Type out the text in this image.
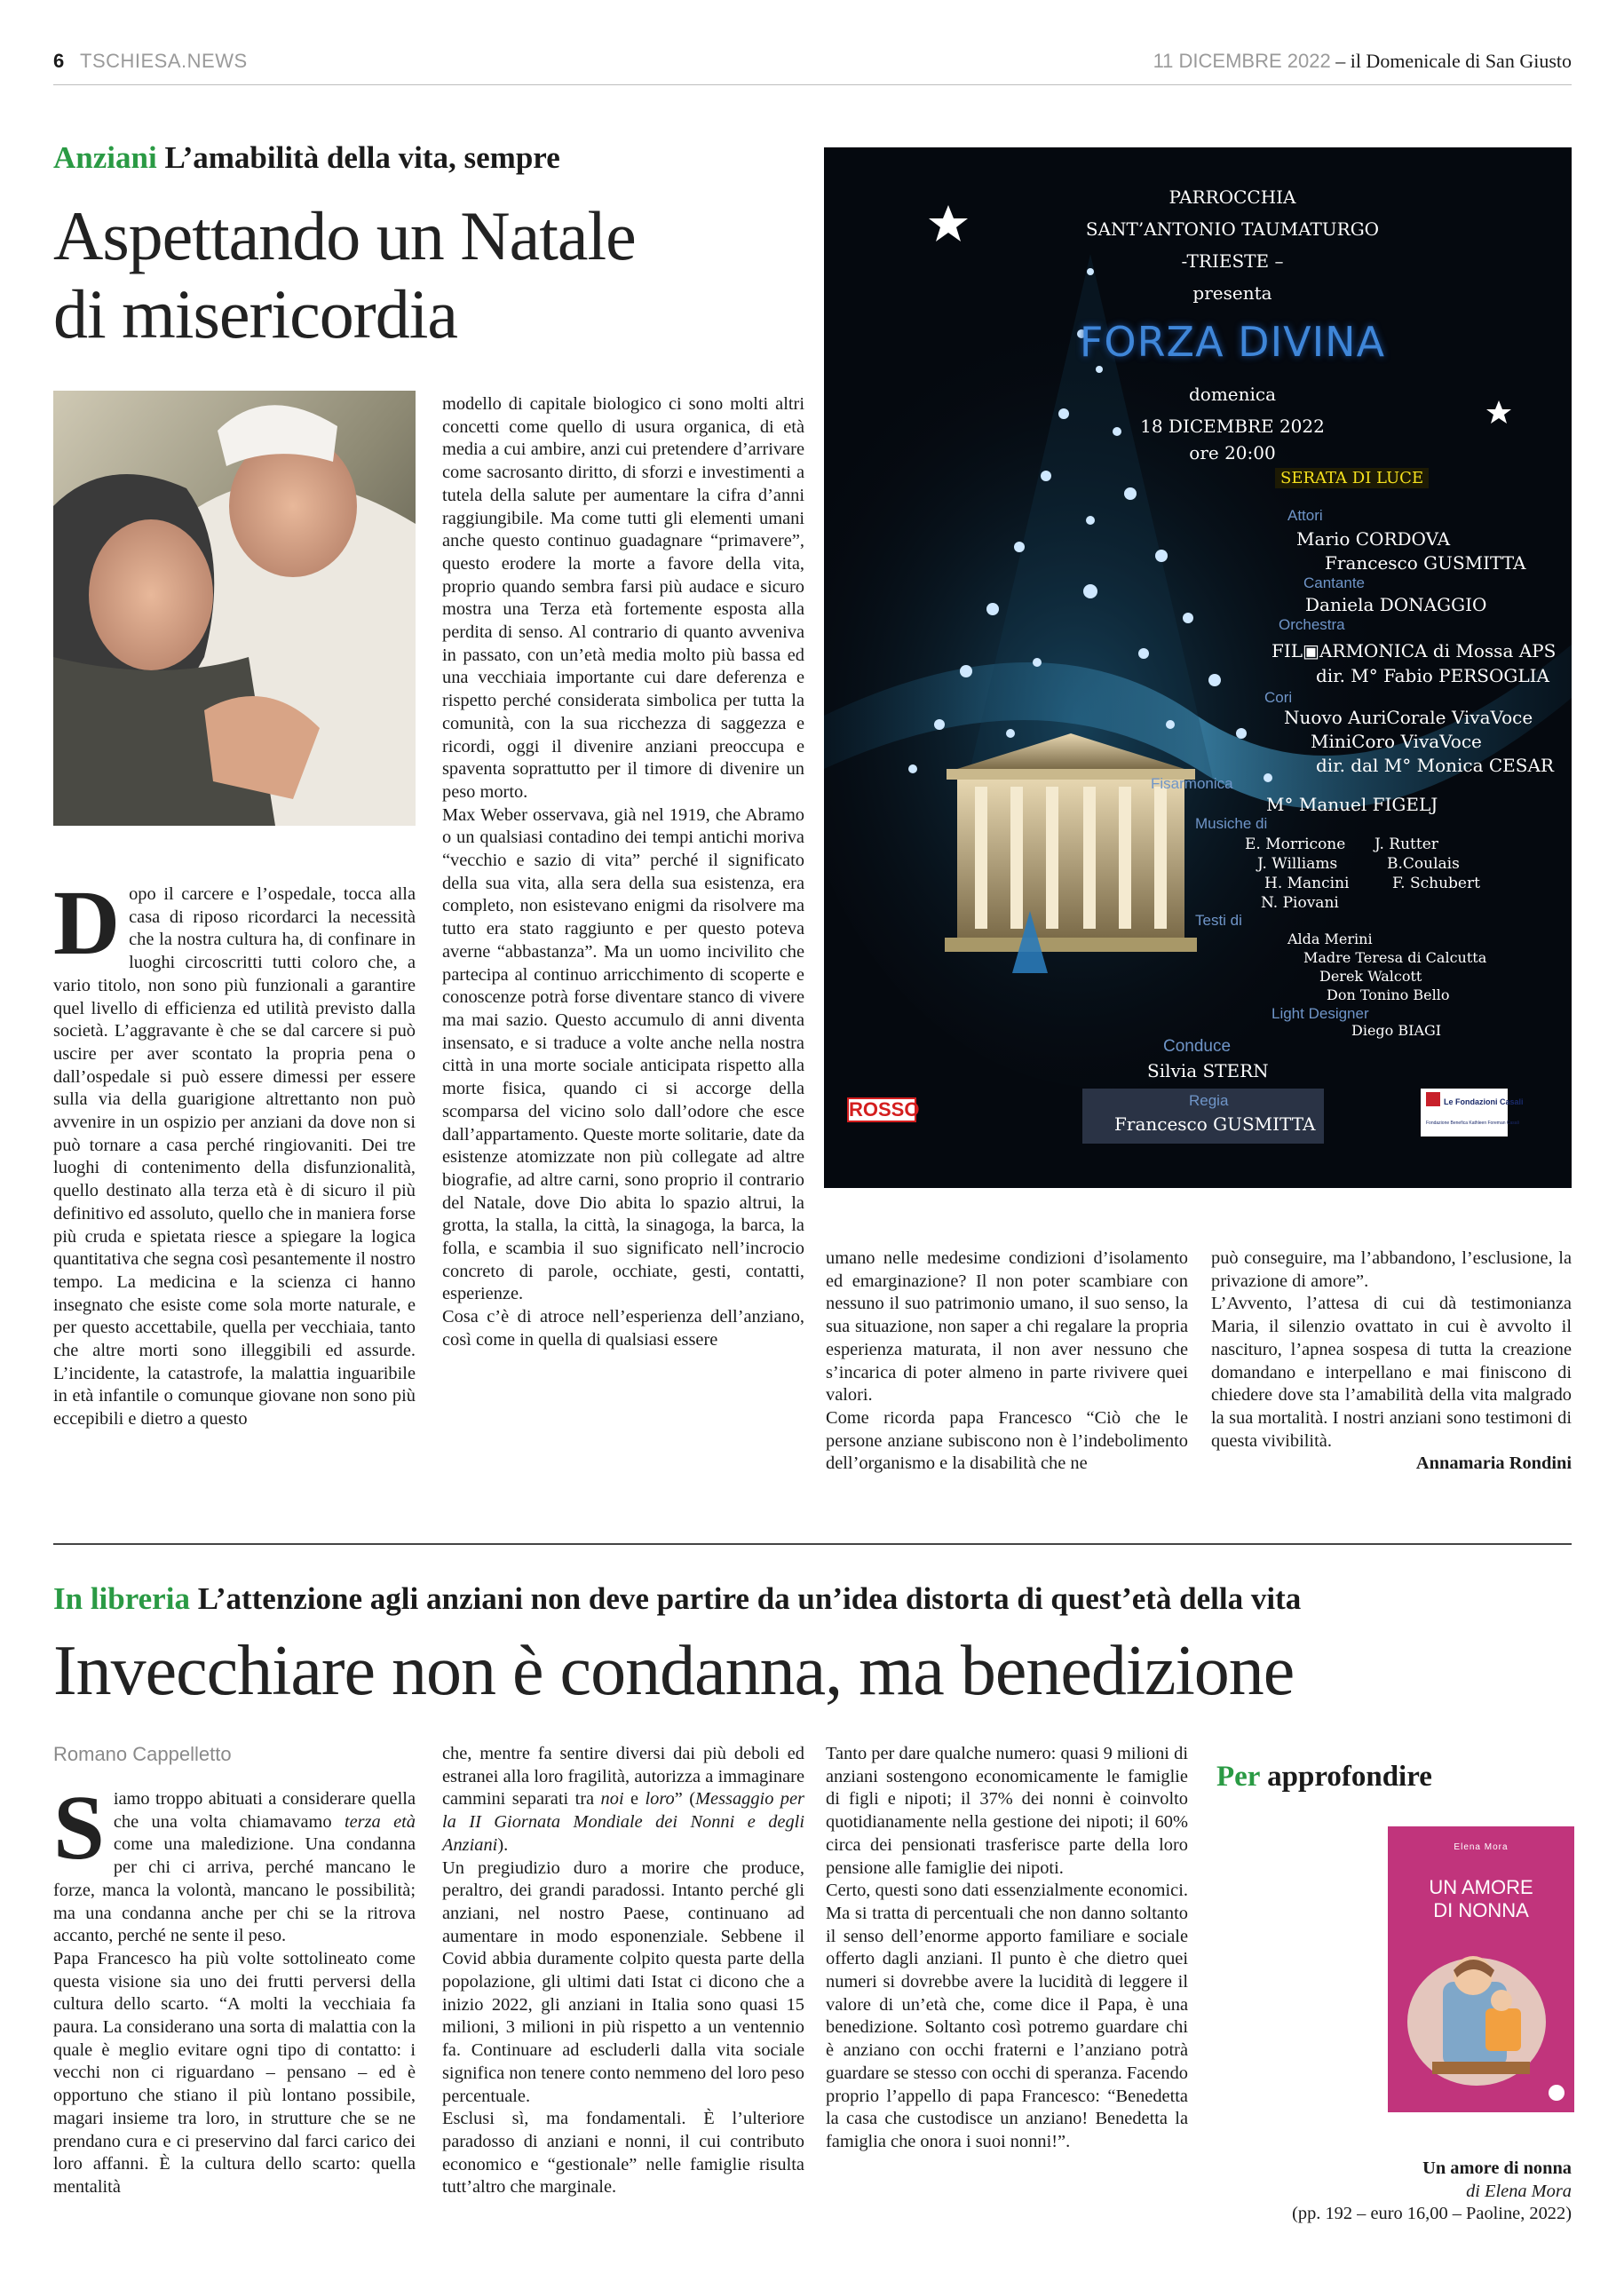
6 TSCHIESA.NEWS	11 DICEMBRE 2022 – il Domenicale di San Giusto
Anziani L’amabilità della vita, sempre
Aspettando un Natale
di misericordia
D opo il carcere e l’ospedale, tocca alla casa di riposo ricordarci la necessità che la nostra cultura ha, di confinare in luoghi circoscritti tutti coloro che, a vario titolo, non sono più funzionali a garantire quel livello di efficienza ed utilità previsto dalla società. L’aggravante è che se dal carcere si può uscire per aver scontato la propria pena o dall’ospedale si può essere dimessi per essere sulla via della guarigione altrettanto non può avvenire in un ospizio per anziani da dove non si può tornare a casa perché ringiovaniti. Dei tre luoghi di contenimento della disfunzionalità, quello destinato alla terza età è di sicuro il più definitivo ed assoluto, quello che in maniera forse più cruda e spietata riesce a spiegare la logica quantitativa che segna così pesantemente il nostro tempo. La medicina e la scienza ci hanno insegnato che esiste come sola morte naturale, e per questo accettabile, quella per vecchiaia, tanto che altre morti sono illeggibili ed assurde. L’incidente, la catastrofe, la malattia inguaribile in età infantile o comunque giovane non sono più eccepibili e dietro a questo

modello di capitale biologico ci sono molti altri concetti come quello di usura organica, di età media a cui ambire, anzi cui pretendere d’arrivare come sacrosanto diritto, di sforzi e investimenti a tutela della salute per aumentare la cifra d’anni raggiungibile. Ma come tutti gli elementi umani anche questo continuo guadagnare “primavere”, questo erodere la morte a favore della vita, proprio quando sembra farsi più audace e sicuro mostra una Terza età fortemente esposta alla perdita di senso. Al contrario di quanto avveniva in passato, con un’età media molto più bassa ed una vecchiaia importante cui dare deferenza e rispetto perché considerata simbolica per tutta la comunità, con la sua ricchezza di saggezza e ricordi, oggi il divenire anziani preoccupa e spaventa soprattutto per il timore di divenire un peso morto.

Max Weber osservava, già nel 1919, che Abramo o un qualsiasi contadino dei tempi antichi moriva “vecchio e sazio di vita” perché il significato della sua vita, alla sera della sua esistenza, era completo, non esistevano enigmi da risolvere ma tutto era stato raggiunto e per questo poteva averne “abbastanza”. Ma un uomo incivilito che partecipa al continuo arricchimento di scoperte e conoscenze potrà forse diventare stanco di vivere ma mai sazio. Questo accumulo di anni diventa insensato, e si traduce a volte anche nella nostra città in una morte sociale anticipata rispetto alla morte fisica, quando ci si accorge della scomparsa del vicino solo dall’odore che esce dall’appartamento. Queste morte solitarie, date da esistenze atomizzate non più collegate ad altre biografie, ad altre carni, sono proprio il contrario del Natale, dove Dio abita lo spazio altrui, la grotta, la stalla, la città, la sinagoga, la barca, la folla, e scambia il suo significato nell’incrocio concreto di parole, occhiate, gesti, contatti, esperienze.

Cosa c’è di atroce nell’esperienza dell’anziano, così come in quella di qualsiasi essere

umano nelle medesime condizioni d’isolamento ed emarginazione? Il non poter scambiare con nessuno il suo patrimonio umano, il suo senso, la sua situazione, non saper a chi regalare la propria esperienza maturata, il non aver nessuno che s’incarica di poter almeno in parte rivivere quei valori.

Come ricorda papa Francesco “Ciò che le persone anziane subiscono non è l’indebolimento dell’organismo e la disabilità che ne

può conseguire, ma l’abbandono, l’esclusione, la privazione di amore”.

L’Avvento, l’attesa di cui dà testimonianza Maria, il silenzio ovattato in cui è avvolto il nascituro, l’apnea sospesa di tutta la creazione domandano e interpellano e mai finiscono di chiedere dove sta l’amabilità della vita malgrado la sua mortalità. I nostri anziani sono testimoni di questa vivibilità.

Annamaria Rondini

PARROCCHIA
SANT’ANTONIO TAUMATURGO
-TRIESTE –
presenta
FORZA DIVINA
domenica
18 DICEMBRE 2022
ore 20:00
SERATA DI LUCE
Attori
Mario CORDOVA
Francesco GUSMITTA
Cantante
Daniela DONAGGIO
Orchestra
FIL▣ARMONICA di Mossa APS
dir. M° Fabio PERSOGLIA
Cori
Nuovo AuriCorale VivaVoce
MiniCoro VivaVoce
dir. dal M° Monica CESAR
Fisarmonica
M° Manuel FIGELJ
Musiche di
E. Morricone J. Rutter
J. Williams	B.Coulais
H. Mancini	F. Schubert
N. Piovani
Testi di
Alda Merini
Madre Teresa di Calcutta
Derek Walcott
Don Tonino Bello
Light Designer
Diego BIAGI
Conduce
Silvia STERN
ROSSO	Regia
Francesco GUSMITTA
Le Fondazioni Casali
Fondazione Benefica Kathleen Foreman Casali
In libreria L’attenzione agli anziani non deve partire da un’idea distorta di quest’età della vita
Invecchiare non è condanna, ma benedizione
Romano Cappelletto

Siamo troppo abituati a considerare quella che una volta chiamavamo terza età come una maledizione. Una condanna per chi ci arriva, perché mancano le forze, manca la volontà, mancano le possibilità; ma una condanna anche per chi se la ritrova accanto, perché ne sente il peso.

Papa Francesco ha più volte sottolineato come questa visione sia uno dei frutti perversi della cultura dello scarto. “A molti la vecchiaia fa paura. La considerano una sorta di malattia con la quale è meglio evitare ogni tipo di contatto: i vecchi non ci riguardano – pensano – ed è opportuno che stiano il più lontano possibile, magari insieme tra loro, in strutture che se ne prendano cura e ci preservino dal farci carico dei loro affanni. È la cultura dello scarto: quella mentalità

che, mentre fa sentire diversi dai più deboli ed estranei alla loro fragilità, autorizza a immaginare cammini separati tra noi e loro” (Messaggio per la II Giornata Mondiale dei Nonni e degli Anziani).

Un pregiudizio duro a morire che produce, peraltro, dei grandi paradossi. Intanto perché gli anziani, nel nostro Paese, continuano ad aumentare in modo esponenziale. Sebbene il Covid abbia duramente colpito questa parte della popolazione, gli ultimi dati Istat ci dicono che a inizio 2022, gli anziani in Italia sono quasi 15 milioni, 3 milioni in più rispetto a un ventennio fa. Continuare ad escluderli dalla vita sociale significa non tenere conto nemmeno del loro peso percentuale.

Esclusi sì, ma fondamentali. È l’ulteriore paradosso di anziani e nonni, il cui contributo economico e “gestionale” nelle famiglie risulta tutt’altro che marginale.

Tanto per dare qualche numero: quasi 9 milioni di anziani sostengono economicamente le famiglie di figli e nipoti; il 37% dei nonni è coinvolto quotidianamente nella gestione dei nipoti; il 60% circa dei pensionati trasferisce parte della loro pensione alle famiglie dei nipoti.

Certo, questi sono dati essenzialmente economici. Ma si tratta di percentuali che non danno soltanto il senso dell’enorme apporto familiare e sociale offerto dagli anziani. Il punto è che dietro quei numeri si dovrebbe avere la lucidità di leggere il valore di un’età che, come dice il Papa, è una benedizione. Soltanto così potremo guardare chi è anziano con occhi fraterni e l’anziano potrà guardare se stesso con occhi di speranza. Facendo proprio l’appello di papa Francesco: “Benedetta la casa che custodisce un anziano! Benedetta la famiglia che onora i suoi nonni!”.

Per approfondire
Elena Mora
UN AMORE
DI NONNA
Un amore di nonna
di Elena Mora
(pp. 192 – euro 16,00 – Paoline, 2022)
